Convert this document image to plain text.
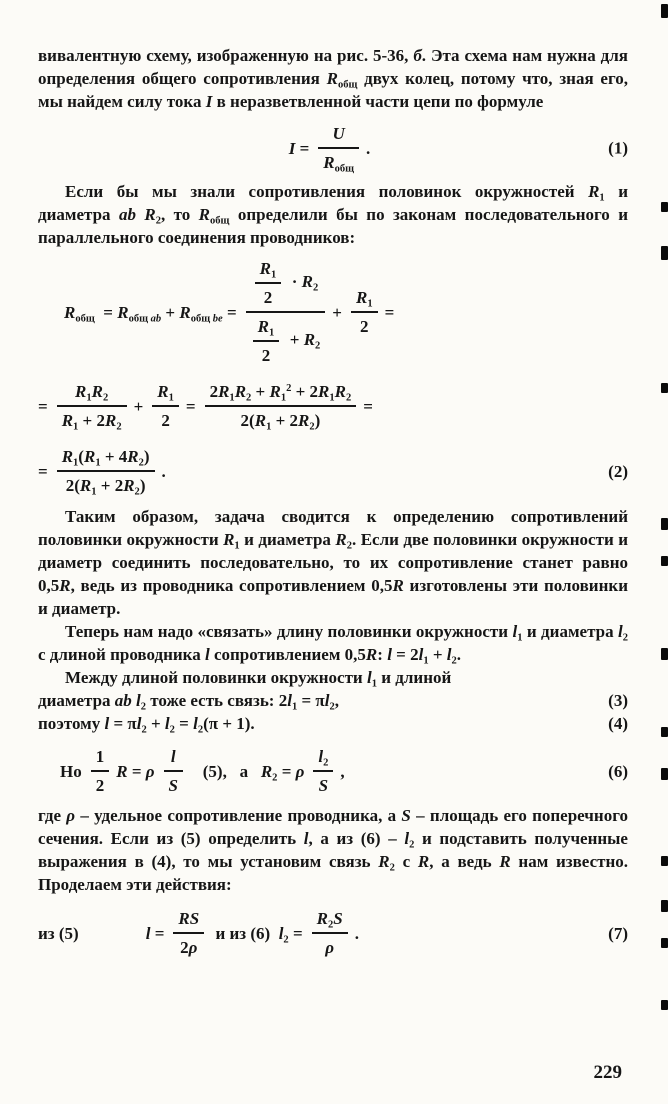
вивалентную схему, изображенную на рис. 5-36, б. Эта схема нам нужна для определения общего сопротивления $R_{общ}$ двух колец, потому что, зная его, мы найдем силу тока I в неразветвленной части цепи по формуле

$I = \frac{U}{R_{общ}}$ .	(1)

Если бы мы знали сопротивления половинок окружностей $R_1$ и диаметра ab $R_2$, то $R_{общ}$ определили бы по законам последовательного и параллельного соединения проводников:

$R_{общ} = R_{общ}$ $_{ab} + R_{общ}$ $_{be} = \frac{\frac{R_1}{2} \cdot R_2}{\frac{R_1}{2} + R_2} + \frac{R_1}{2}$ =
= $\frac{R_1R_2}{R_1 + 2R_2} + \frac{R_1}{2} = \frac{2R_1R_2 + R_1^2 + 2R_1R_2}{2(R_1 + 2R_2)}$ =
= $\frac{R_1(R_1 + 4R_2)}{2(R_1 + 2R_2)}$ .	(2)

Таким образом, задача сводится к определению сопротивлений половинки окружности $R_1$ и диаметра $R_2$. Если две половинки окружности и диаметр соединить последовательно, то их сопротивление станет равно 0,5R, ведь из проводника сопротивлением 0,5R изготовлены эти половинки и диаметр.

Теперь нам надо «связать» длину половинки окружности $l_1$ и диаметра $l_2$ с длиной проводника l сопротивлением 0,5R: $l = 2l_1 + l_2$.

Между длиной половинки окружности $l_1$ и длиной

диаметра ab $l_2$ тоже есть связь: $2l_1 = \pi l_2$,	(3)
поэтому $l = \pi l_2 + l_2 = l_2(\pi + 1)$.	(4)
Но $\frac{1}{2}$ R = ρ $\frac{l}{S} (5)$,   а   $R_2 = \rho \frac{l_2}{S}$ ,	(6)

где ρ – удельное сопротивление проводника, а S – площадь его поперечного сечения. Если из (5) определить l, а из $(6) - l_2$ и подставить полученные выражения в (4), то мы установим связь $R_2$ с R, а ведь R нам известно. Проделаем эти действия:

из (5)	$l = \frac{RS}{2\rho}$ и из (6)  $l_2 = \frac{R_2S}{\rho}$ .	(7)
229
